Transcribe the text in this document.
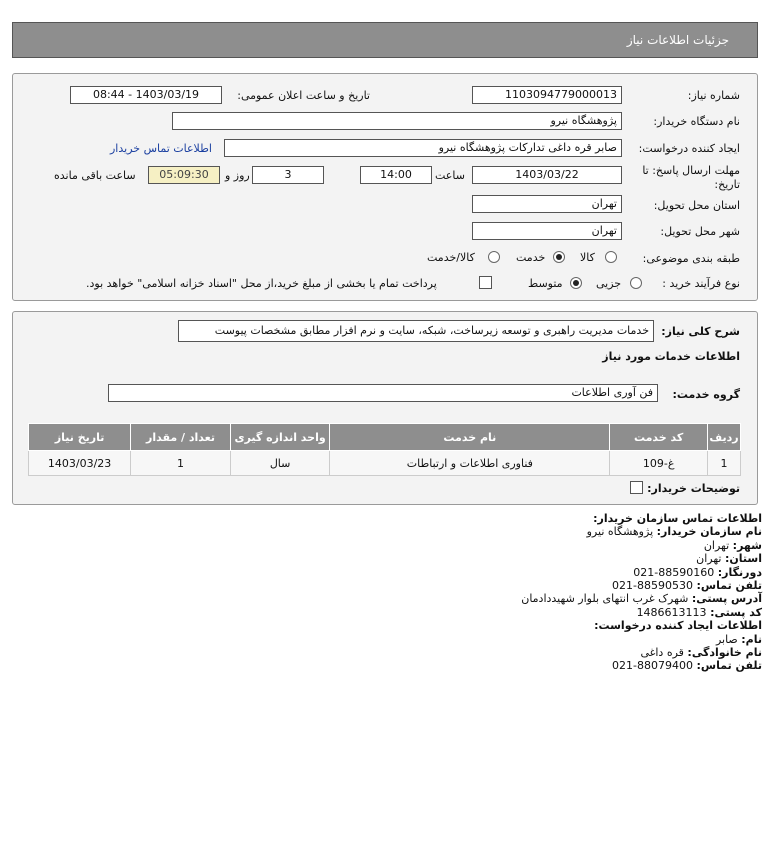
جزئیات اطلاعات نیاز
شماره نیاز:
1103094779000013
تاریخ و ساعت اعلان عمومی:
1403/03/19 - 08:44
نام دستگاه خریدار:
پژوهشگاه نیرو
ایجاد کننده درخواست:
صابر قره داغی تدارکات پژوهشگاه نیرو
اطلاعات تماس خریدار
مهلت ارسال پاسخ: تا
تاریخ:
1403/03/22
ساعت
14:00
3
روز و
05:09:30
ساعت باقی مانده
استان محل تحویل:
تهران
شهر محل تحویل:
تهران
طبقه بندی موضوعی:
کالا
خدمت
کالا/خدمت
نوع فرآیند خرید :
جزیی
متوسط
پرداخت تمام یا بخشی از مبلغ خرید،از محل "اسناد خزانه اسلامی" خواهد بود.
شرح کلی نیاز:
خدمات مدیریت راهبری و توسعه زیرساخت، شبکه، سایت و نرم افزار مطابق مشخصات پیوست
اطلاعات خدمات مورد نیاز
گروه خدمت:
فن آوری اطلاعات
تاریخ نیاز	تعداد / مقدار	واحد اندازه گیری	نام خدمت	کد خدمت	ردیف
1403/03/23	1	سال	فناوری اطلاعات و ارتباطات	غ-109	1
توضیحات خریدار:
اطلاعات تماس سازمان خریدار:
نام سازمان خریدار: پژوهشگاه نیرو
شهر: تهران
استان: تهران
دورنگار: 88590160-021
تلفن تماس: 88590530-021
آدرس پستی: شهرک غرب انتهای بلوار شهیددادمان
کد پستی: 1486613113
اطلاعات ایجاد کننده درخواست:
نام: صابر
نام خانوادگی: قره داغی
تلفن تماس: 88079400-021
